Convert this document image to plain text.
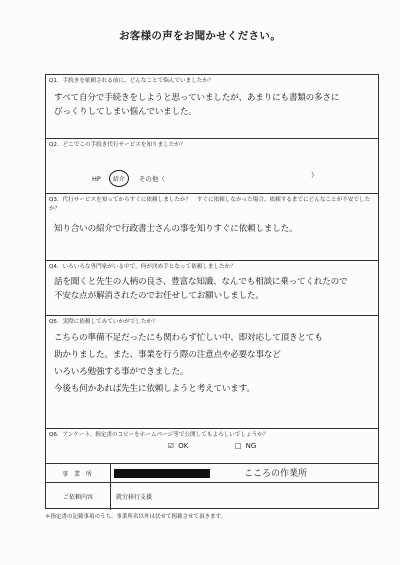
お客様の声をお聞かせください。
Q1．手続きを依頼される前に、どんなことで悩んでいましたか？
すべて自分で手続きをしようと思っていましたが、あまりにも書類の多さに
びっくりしてしまい悩んでいました。
Q2．どこでこの手続き代行サービスを知りましたか？
HP	紹介	その他（	）
Q3．代行サービスを知ってからすぐに依頼しましたか？　すぐに依頼しなかった場合、依頼するまでにどんなことが不安でしたか？
知り合いの紹介で行政書士さんの事を知りすぐに依頼しました。
Q4．いろいろな専門家がいる中で、何が決め手となって依頼しましたか？
話を聞くと先生の人柄の良さ、豊富な知識、なんでも相談に乗ってくれたので
不安な点が解消されたのでお任せしてお願いしました。
Q5．実際に依頼してみていかがでしたか？
こちらの準備不足だったにも関わらず忙しい中、即対応して頂きとても
助かりました。また、事業を行う際の注意点や必要な事など
いろいろ勉強する事ができました。
今後も何かあれば先生に依頼しようと考えています。
Q6．アンケート、指定書のコピーをホームページ等で公開してもよろしいでしょうか？
☑ OK	□ NG
事 業 所	こころの作業所
ご依頼内容	就労移行支援
＊指定書の記載事項のうち、事業所名以外は伏せて掲載させて頂きます。
